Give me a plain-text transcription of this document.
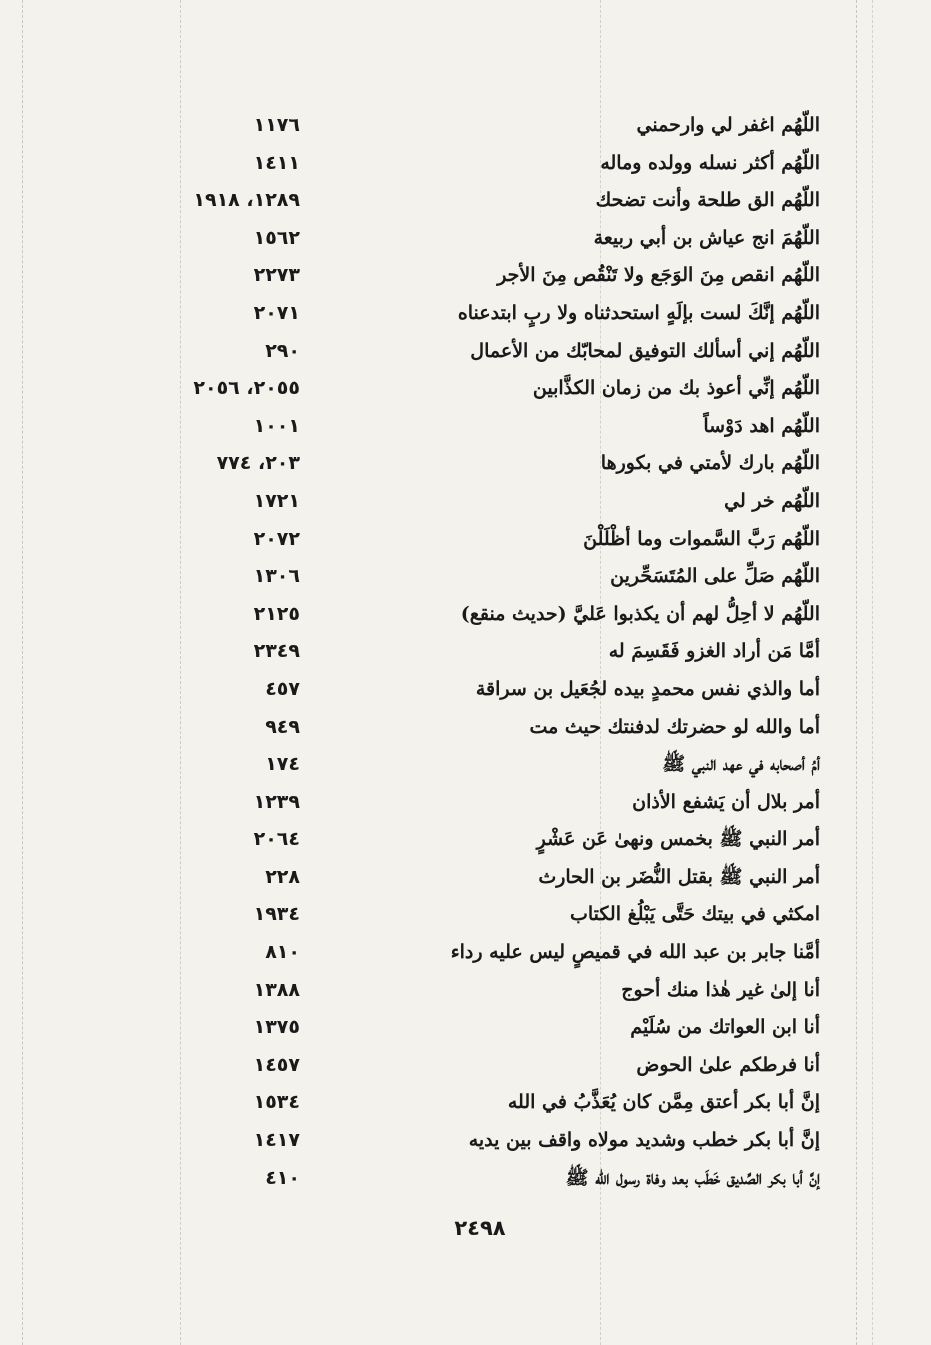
اللّهُم اغفر لي وارحمني
١١٧٦
اللّهُم أكثر نسله وولده وماله
١٤١١
اللّهُم الق طلحة وأنت تضحك
١٢٨٩، ١٩١٨
اللّهُمَ انج عياش بن أبي ربيعة
١٥٦٢
اللّهُم انقص مِنَ الوَجَع ولا تَنْقُص مِنَ الأجر
٢٢٧٣
اللّهُم إنَّكَ لست بإلَهٍ استحدثناه ولا ربٍ ابتدعناه
٢٠٧١
اللّهُم إني أسألك التوفيق لمحابّك من الأعمال
٢٩٠
اللّهُم إنِّي أعوذ بك من زمان الكذَّابين
٢٠٥٥، ٢٠٥٦
اللّهُم اهد دَوْساً
١٠٠١
اللّهُم بارك لأمتي في بكورها
٢٠٣، ٧٧٤
اللّهُم خر لي
١٧٢١
اللّهُم رَبَّ السَّموات وما أظْلَلْنَ
٢٠٧٢
اللّهُم صَلِّ على المُتَسَحِّرين
١٣٠٦
اللّهُم لا أحِلُّ لهم أن يكذبوا عَليَّ (حديث منقع)
٢١٢٥
أمَّا مَن أراد الغزو فَقَسِمَ له
٢٣٤٩
أما والذي نفس محمدٍ بيده لجُعَيل بن سراقة
٤٥٧
أما والله لو حضرتك لدفنتك حيث مت
٩٤٩
أمُ أصحابه في عهد النبي ﷺ
١٧٤
أمر بلال أن يَشفع الأذان
١٢٣٩
أمر النبي ﷺ بخمس ونهىٰ عَن عَشْرٍ
٢٠٦٤
أمر النبي ﷺ بقتل النُّضَر بن الحارث
٢٢٨
امكثي في بيتك حَتَّى يَبْلُغ الكتاب
١٩٣٤
أمَّنا جابر بن عبد الله في قميصٍ ليس عليه رداء
٨١٠
أنا إلىٰ غير هٰذا منك أحوج
١٣٨٨
أنا ابن العواتك من سُلَيْم
١٣٧٥
أنا فرطكم علىٰ الحوض
١٤٥٧
إنَّ أبا بكر أعتق مِمَّن كان يُعَذَّبُ في الله
١٥٣٤
إنَّ أبا بكر خطب وشديد مولاه واقف بين يديه
١٤١٧
إنَّ أبا بكر الصِّديق خَطَب بعد وفاة رسول الله ﷺ
٤١٠
٢٤٩٨
